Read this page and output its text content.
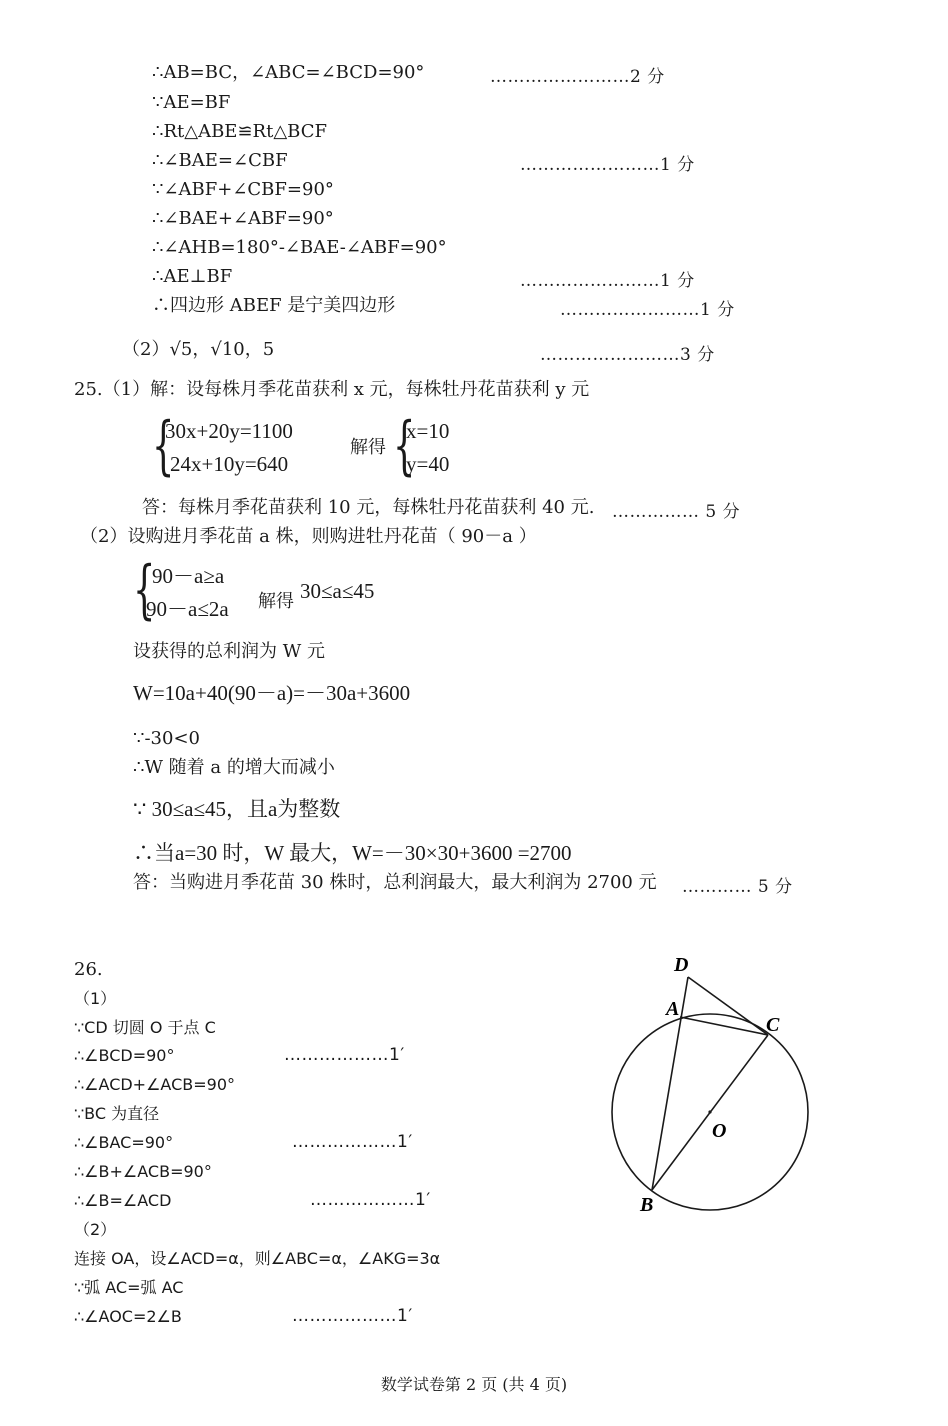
∴AB=BC，∠ABC=∠BCD=90°	……………………2 分
∵AE=BF
∴Rt△ABE≌Rt△BCF
∴∠BAE=∠CBF	……………………1 分
∵∠ABF+∠CBF=90°
∴∠BAE+∠ABF=90°
∴∠AHB=180°-∠BAE-∠ABF=90°
∴AE⊥BF	……………………1 分
∴四边形 ABEF 是宁美四边形	……………………1 分
（2）√5，√10，5	……………………3 分
25.（1）解：设每株月季花苗获利 x 元，每株牡丹花苗获利 y 元
{
30x+20y=1100
24x+10y=640
解得 {
x=10
y=40
答：每株月季花苗获利 10 元，每株牡丹花苗获利 40 元. …………… 5 分
（2）设购进月季花苗 a 株，则购进牡丹花苗（ 90－a ）
{
90－a≥a
90－a≤2a 解得 30≤a≤45
设获得的总利润为 W 元
W=10a+40(90－a)=－30a+3600
∵-30<0
∴W 随着 a 的增大而减小
∵ 30≤a≤45，且a为整数
∴当a=30 时，W 最大，W=－30×30+3600 =2700
答：当购进月季花苗 30 株时，总利润最大，最大利润为 2700 元 ………… 5 分
26.
（1）
∵CD 切圆 O 于点 C
∴∠BCD=90°	………………1′
∴∠ACD+∠ACB=90°
∵BC 为直径
∴∠BAC=90°	………………1′
∴∠B+∠ACB=90°
∴∠B=∠ACD	………………1′
（2）
连接 OA，设∠ACD=α，则∠ABC=α，∠AKG=3α
∵弧 AC=弧 AC
∴∠AOC=2∠B	………………1′
D
A
C
O
B
数学试卷第 2 页 (共 4 页)
